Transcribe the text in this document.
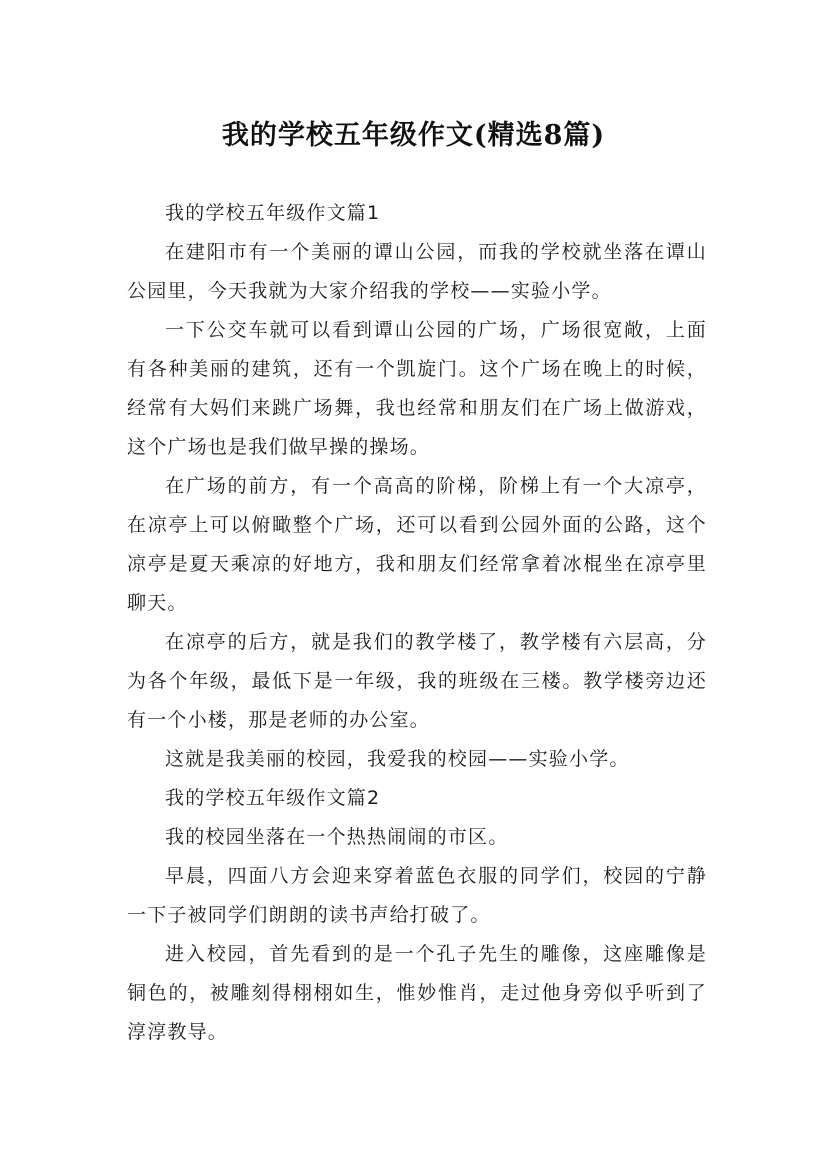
我的学校五年级作文(精选8篇)

我的学校五年级作文篇1

在建阳市有一个美丽的谭山公园，而我的学校就坐落在谭山公园里，今天我就为大家介绍我的学校——实验小学。

一下公交车就可以看到谭山公园的广场，广场很宽敞，上面有各种美丽的建筑，还有一个凯旋门。这个广场在晚上的时候，经常有大妈们来跳广场舞，我也经常和朋友们在广场上做游戏，这个广场也是我们做早操的操场。

在广场的前方，有一个高高的阶梯，阶梯上有一个大凉亭，在凉亭上可以俯瞰整个广场，还可以看到公园外面的公路，这个凉亭是夏天乘凉的好地方，我和朋友们经常拿着冰棍坐在凉亭里聊天。

在凉亭的后方，就是我们的教学楼了，教学楼有六层高，分为各个年级，最低下是一年级，我的班级在三楼。教学楼旁边还有一个小楼，那是老师的办公室。

这就是我美丽的校园，我爱我的校园——实验小学。

我的学校五年级作文篇2

我的校园坐落在一个热热闹闹的市区。

早晨，四面八方会迎来穿着蓝色衣服的同学们，校园的宁静一下子被同学们朗朗的读书声给打破了。

进入校园，首先看到的是一个孔子先生的雕像，这座雕像是铜色的，被雕刻得栩栩如生，惟妙惟肖，走过他身旁似乎听到了淳淳教导。
